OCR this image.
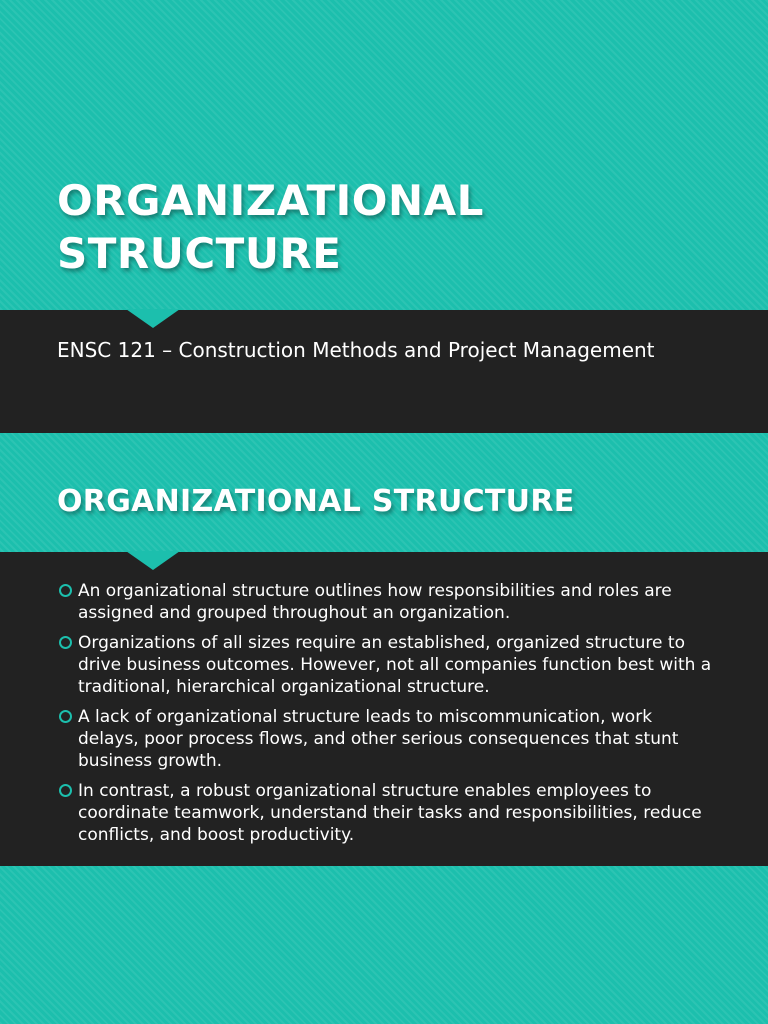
ORGANIZATIONAL
STRUCTURE

ENSC 121 – Construction Methods and Project Management

ORGANIZATIONAL STRUCTURE
An organizational structure outlines how responsibilities and roles are assigned and grouped throughout an organization.
Organizations of all sizes require an established, organized structure to drive business outcomes. However, not all companies function best with a traditional, hierarchical organizational structure.
A lack of organizational structure leads to miscommunication, work delays, poor process flows, and other serious consequences that stunt business growth.
In contrast, a robust organizational structure enables employees to coordinate teamwork, understand their tasks and responsibilities, reduce conflicts, and boost productivity.
